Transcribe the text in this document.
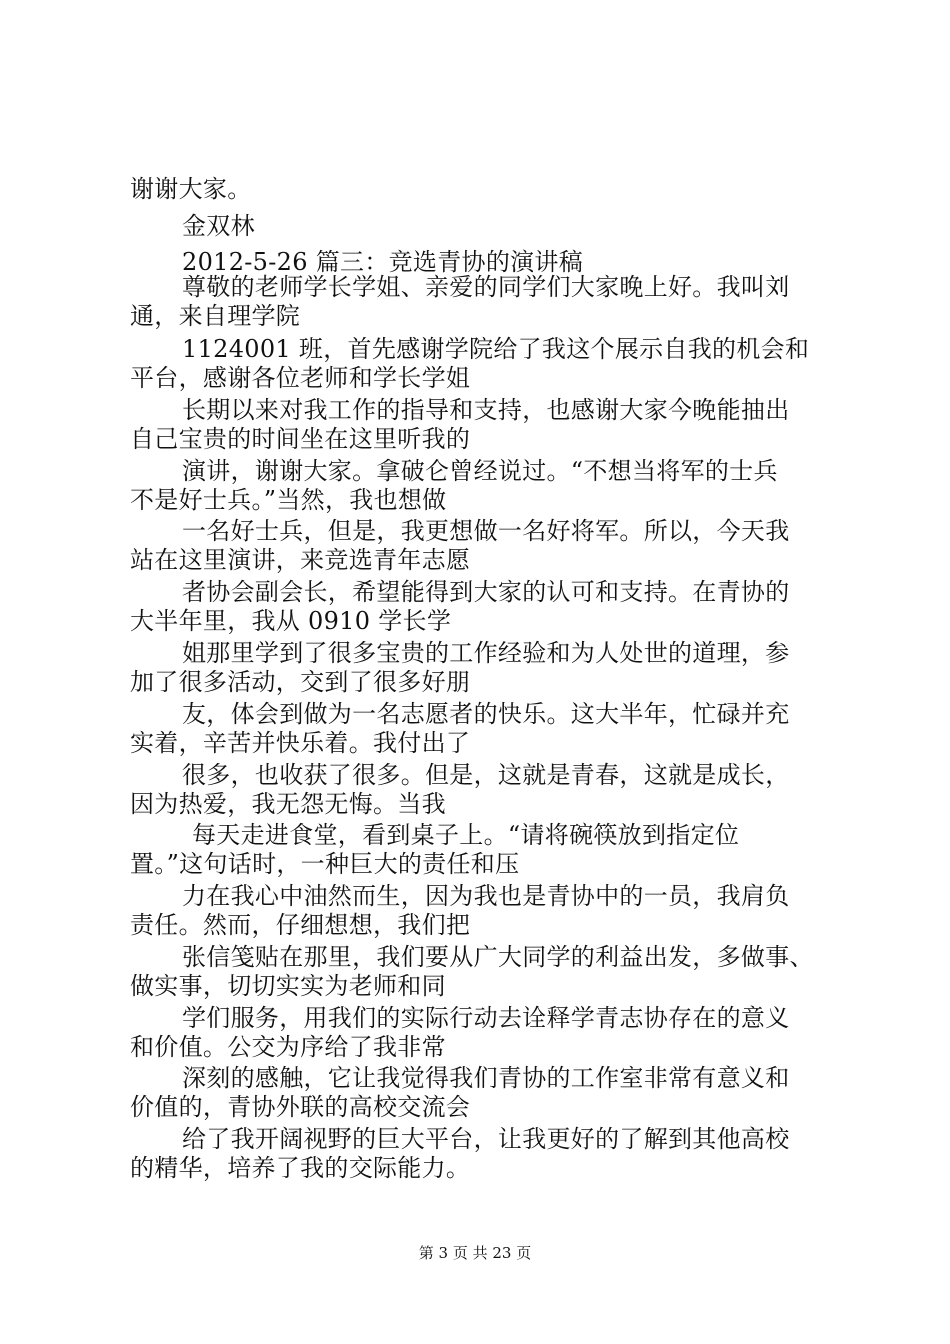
谢谢大家。
金双林
2012-5-26 篇三：竞选青协的演讲稿
尊敬的老师学长学姐、亲爱的同学们大家晚上好。我叫刘
通，来自理学院
1124001 班，首先感谢学院给了我这个展示自我的机会和
平台，感谢各位老师和学长学姐
长期以来对我工作的指导和支持，也感谢大家今晚能抽出
自己宝贵的时间坐在这里听我的
演讲，谢谢大家。拿破仑曾经说过。“不想当将军的士兵
不是好士兵。”当然，我也想做
一名好士兵，但是，我更想做一名好将军。所以，今天我
站在这里演讲，来竞选青年志愿
者协会副会长，希望能得到大家的认可和支持。在青协的
大半年里，我从 0910 学长学
姐那里学到了很多宝贵的工作经验和为人处世的道理，参
加了很多活动，交到了很多好朋
友，体会到做为一名志愿者的快乐。这大半年，忙碌并充
实着，辛苦并快乐着。我付出了
很多，也收获了很多。但是，这就是青春，这就是成长，
因为热爱，我无怨无悔。当我
每天走进食堂，看到桌子上。“请将碗筷放到指定位
置。”这句话时，一种巨大的责任和压
力在我心中油然而生，因为我也是青协中的一员，我肩负
责任。然而，仔细想想，我们把
张信笺贴在那里，我们要从广大同学的利益出发，多做事、
做实事，切切实实为老师和同
学们服务，用我们的实际行动去诠释学青志协存在的意义
和价值。公交为序给了我非常
深刻的感触，它让我觉得我们青协的工作室非常有意义和
价值的，青协外联的高校交流会
给了我开阔视野的巨大平台，让我更好的了解到其他高校
的精华，培养了我的交际能力。
第 3 页 共 23 页
